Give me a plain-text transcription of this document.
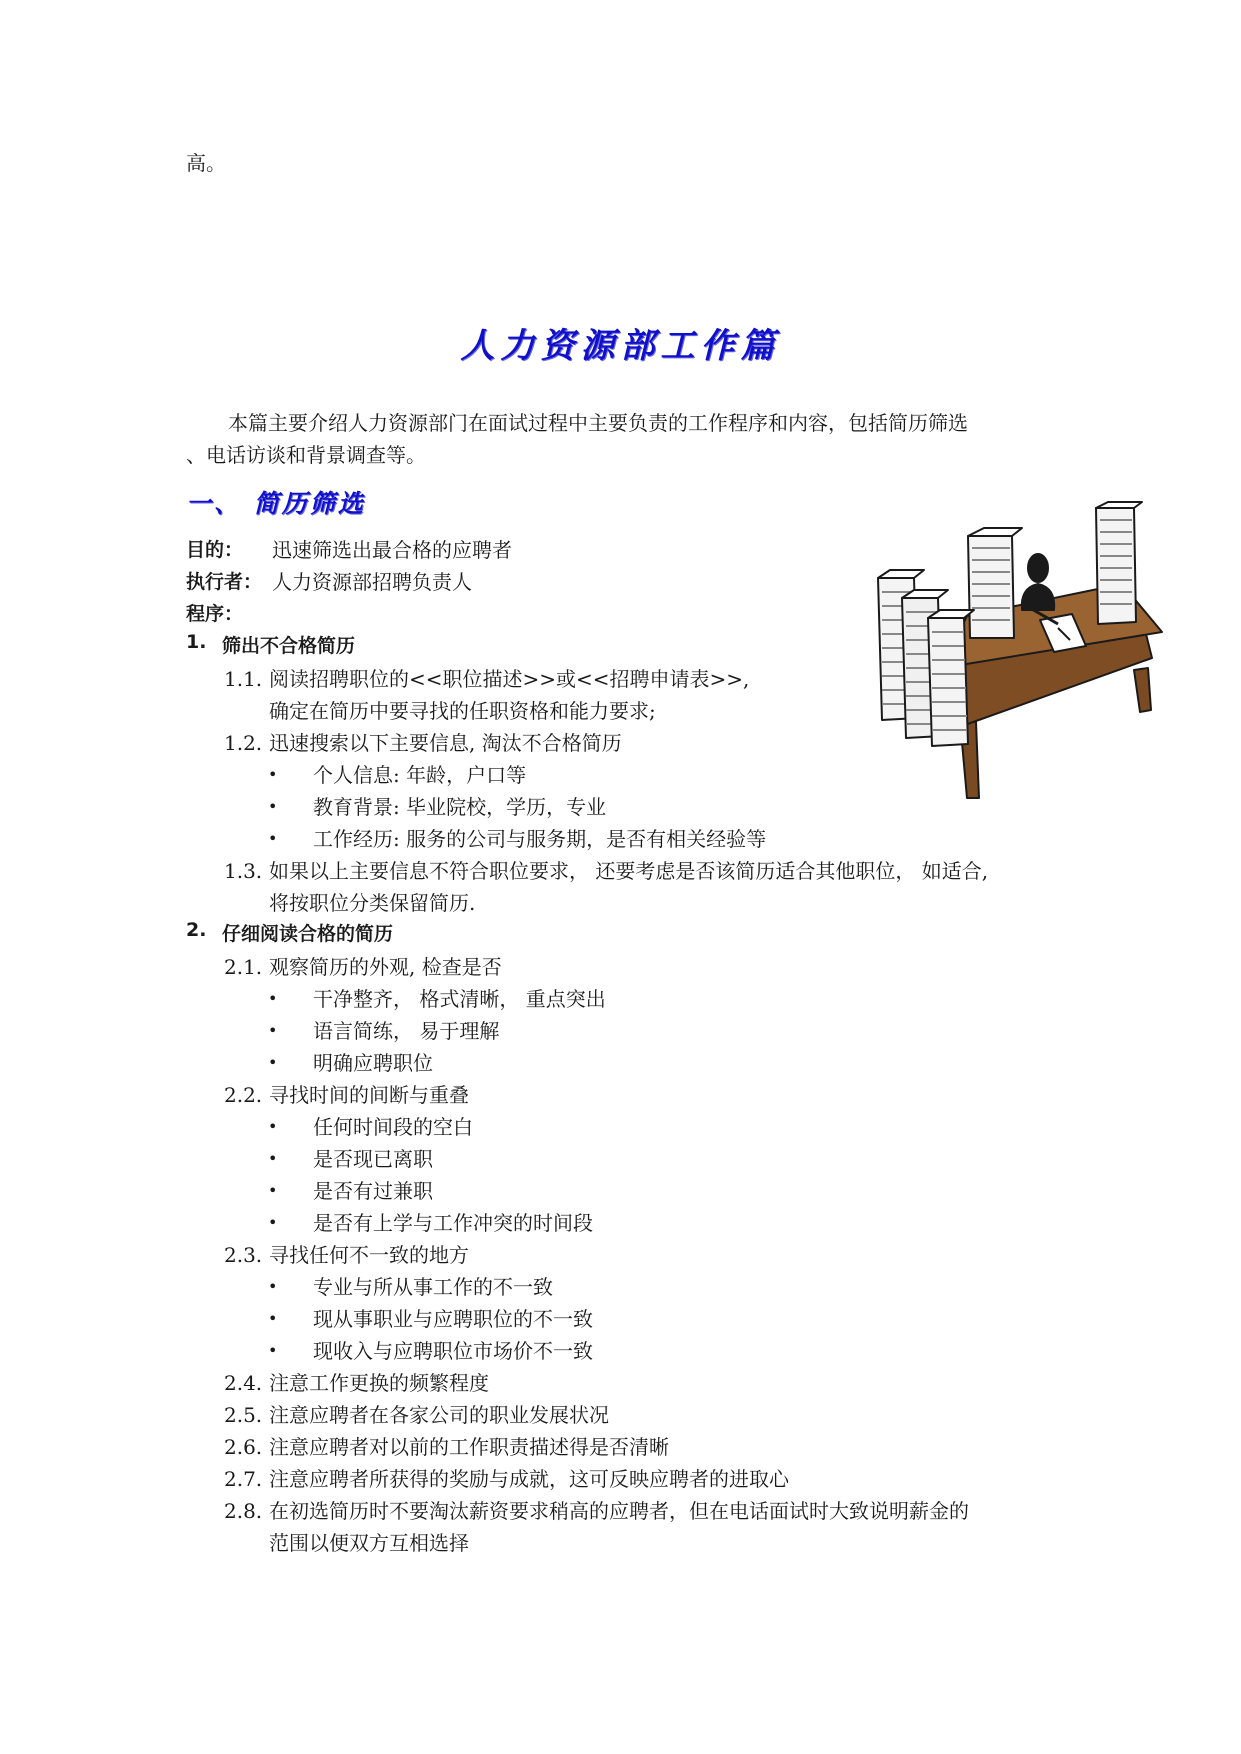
高。
人力资源部工作篇
本篇主要介绍人力资源部门在面试过程中主要负责的工作程序和内容，包括简历筛选
、电话访谈和背景调查等。
一、 简历筛选
目的： 迅速筛选出最合格的应聘者
执行者： 人力资源部招聘负责人
程序：
1. 筛出不合格简历
1.1. 阅读招聘职位的<<职位描述>>或<<招聘申请表>>,
确定在简历中要寻找的任职资格和能力要求;
1.2. 迅速搜索以下主要信息, 淘汰不合格简历
• 个人信息: 年龄，户口等
• 教育背景: 毕业院校，学历，专业
• 工作经历: 服务的公司与服务期，是否有相关经验等
1.3. 如果以上主要信息不符合职位要求， 还要考虑是否该简历适合其他职位， 如适合,
将按职位分类保留简历.
2. 仔细阅读合格的简历
2.1. 观察简历的外观, 检查是否
• 干净整齐， 格式清晰， 重点突出
• 语言简练， 易于理解
• 明确应聘职位
2.2. 寻找时间的间断与重叠
• 任何时间段的空白
• 是否现已离职
• 是否有过兼职
• 是否有上学与工作冲突的时间段
2.3. 寻找任何不一致的地方
• 专业与所从事工作的不一致
• 现从事职业与应聘职位的不一致
• 现收入与应聘职位市场价不一致
2.4. 注意工作更换的频繁程度
2.5. 注意应聘者在各家公司的职业发展状况
2.6. 注意应聘者对以前的工作职责描述得是否清晰
2.7. 注意应聘者所获得的奖励与成就，这可反映应聘者的进取心
2.8. 在初选简历时不要淘汰薪资要求稍高的应聘者，但在电话面试时大致说明薪金的
范围以便双方互相选择
